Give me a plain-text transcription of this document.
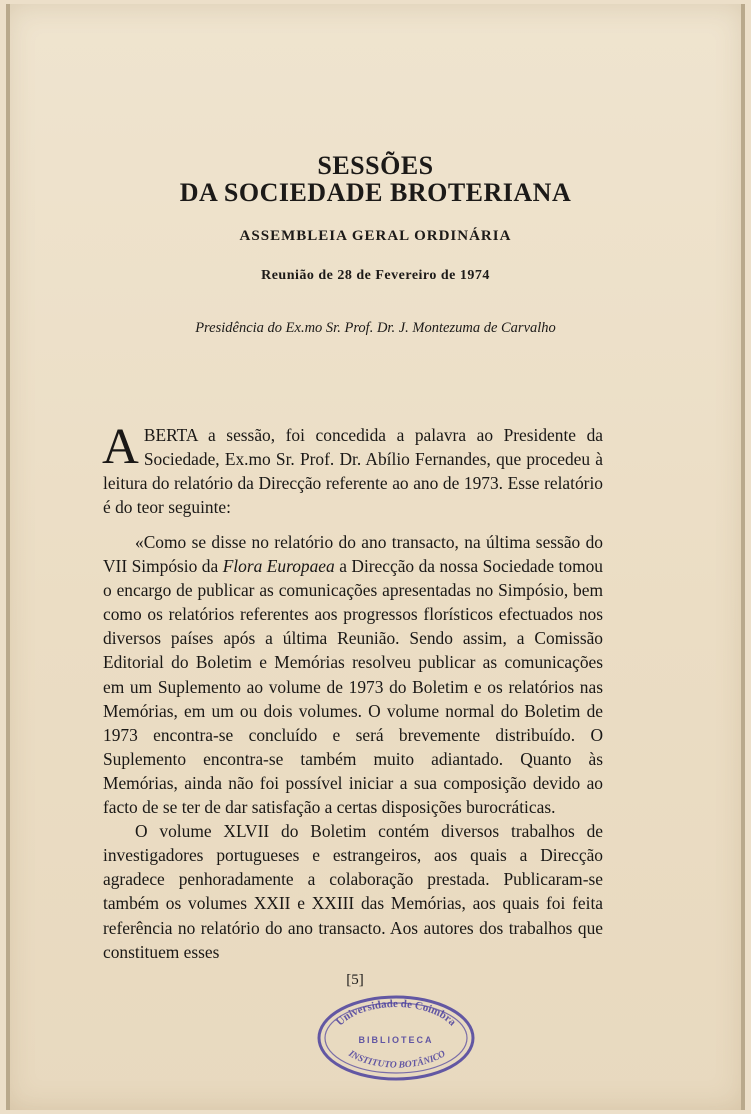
SESSÕES
DA SOCIEDADE BROTERIANA
ASSEMBLEIA GERAL ORDINÁRIA
Reunião de 28 de Fevereiro de 1974
Presidência do Ex.mo Sr. Prof. Dr. J. Montezuma de Carvalho
ABERTA a sessão, foi concedida a palavra ao Presidente da Sociedade, Ex.mo Sr. Prof. Dr. Abílio Fernandes, que procedeu à leitura do relatório da Direcção referente ao ano de 1973. Esse relatório é do teor seguinte:
«Como se disse no relatório do ano transacto, na última sessão do VII Simpósio da Flora Europaea a Direcção da nossa Sociedade tomou o encargo de publicar as comunicações apresentadas no Simpósio, bem como os relatórios referentes aos progressos florísticos efectuados nos diversos países após a última Reunião. Sendo assim, a Comissão Editorial do Boletim e Memórias resolveu publicar as comunicações em um Suplemento ao volume de 1973 do Boletim e os relatórios nas Memórias, em um ou dois volumes. O volume normal do Boletim de 1973 encontra-se concluído e será brevemente distribuído. O Suplemento encontra-se também muito adiantado. Quanto às Memórias, ainda não foi possível iniciar a sua composição devido ao facto de se ter de dar satisfação a certas disposições burocráticas.
O volume XLVII do Boletim contém diversos trabalhos de investigadores portugueses e estrangeiros, aos quais a Direcção agradece penhoradamente a colaboração prestada. Publicaram-se também os volumes XXII e XXIII das Memórias, aos quais foi feita referência no relatório do ano transacto. Aos autores dos trabalhos que constituem esses
[5]
Universidade de Coimbra
BIBLIOTECA
INSTITUTO BOTÂNICO
